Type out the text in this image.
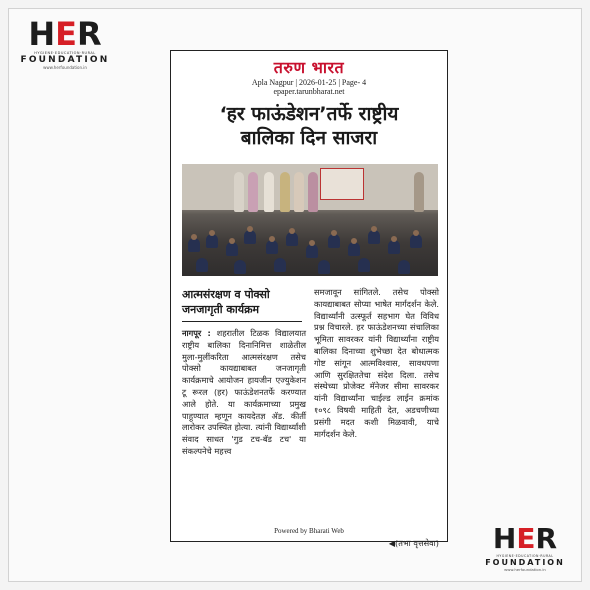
HER
HYGIENE·EDUCATION·RURAL
FOUNDATION
www.herfoundation.in	तरुण भारत
Apla Nagpur | 2026-01-25 | Page- 4
epaper.tarunbharat.net
‘हर फाऊंडेशन’तर्फे राष्ट्रीय
बालिका दिन साजरा
आत्मसंरक्षण व पोक्सो जनजागृती कार्यक्रम

नागपूर : शहरातील टिळक विद्यालयात राष्ट्रीय बालिका दिनानिमित्त शाळेतील मुला-मुलींकरिता आत्मसंरक्षण तसेच पोक्सो कायद्याबाबत जनजागृती कार्यक्रमाचे आयोजन हायजीन एज्युकेशन टू रूरल (हर) फाऊंडेशनतर्फे करण्यात आले होते. या कार्यक्रमाच्या प्रमुख पाहुण्यात म्हणून कायदेतज्ञ ॲड. कीर्ती लारोकर उपस्थित होत्या. त्यांनी विद्यार्थ्यांशी संवाद साधत 'गुड टच-बॅड टच' या संकल्पनेचे महत्त्व

समजावून सांगितले. तसेच पोक्सो कायद्याबाबत सोप्या भाषेत मार्गदर्शन केले. विद्यार्थ्यांनी उत्स्फूर्त सहभाग घेत विविध प्रश्न विचारले. हर फाऊंडेशनच्या संचालिका भूमिता सावरकर यांनी विद्यार्थ्यांना राष्ट्रीय बालिका दिनाच्या शुभेच्छा देत बोधात्मक गोष्ट सांगून आत्मविश्वास, सावधपणा आणि सुरक्षिततेचा संदेश दिला. तसेच संस्थेच्या प्रोजेक्ट मॅनेजर सीमा सावरकर यांनी विद्यार्थ्यांना चाईल्ड लाईन क्रमांक १०९८ विषयी माहिती देत, अडचणीच्या प्रसंगी मदत कशी मिळवावी, याचे मार्गदर्शन केले.

◀(तभा वृत्तसेवा)
Powered by Bharati Web	HER
HYGIENE·EDUCATION·RURAL
FOUNDATION
www.herfoundation.in
